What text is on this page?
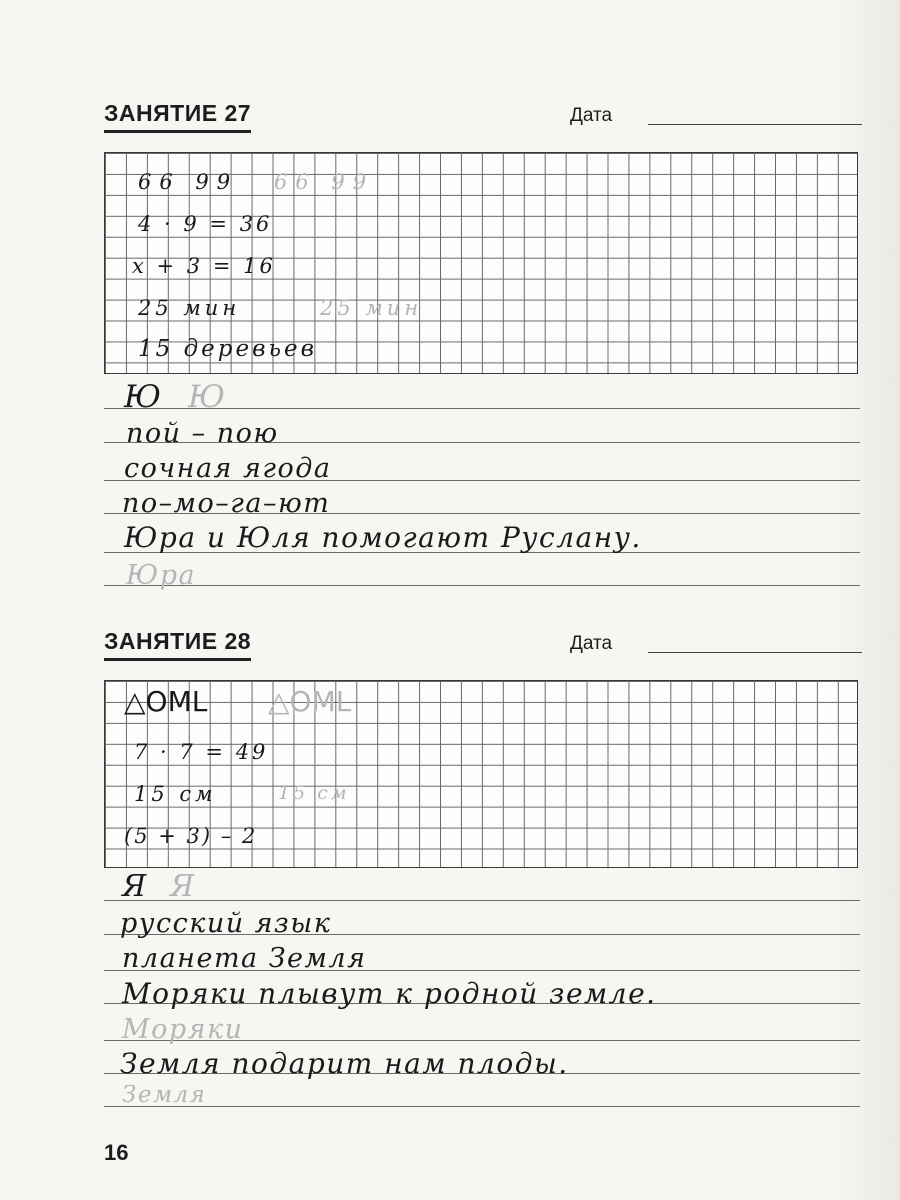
ЗАНЯТИЕ 27	Дата
66 99 66 99
4 · 9 = 36
x + 3 = 16
25 мин	25 мин
15 деревьев
Ю Ю
пой – пою
сочная ягода
по–мо–га–ют
Юра и Юля помогают Руслану.
Юра
ЗАНЯТИЕ 28	Дата
△OML △OML
7 · 7 = 49
15 см	15 см
(5 + 3) – 2
Я Я
русский язык
планета Земля
Моряки плывут к родной земле.
Моряки
Земля подарит нам плоды.
Земля
16
